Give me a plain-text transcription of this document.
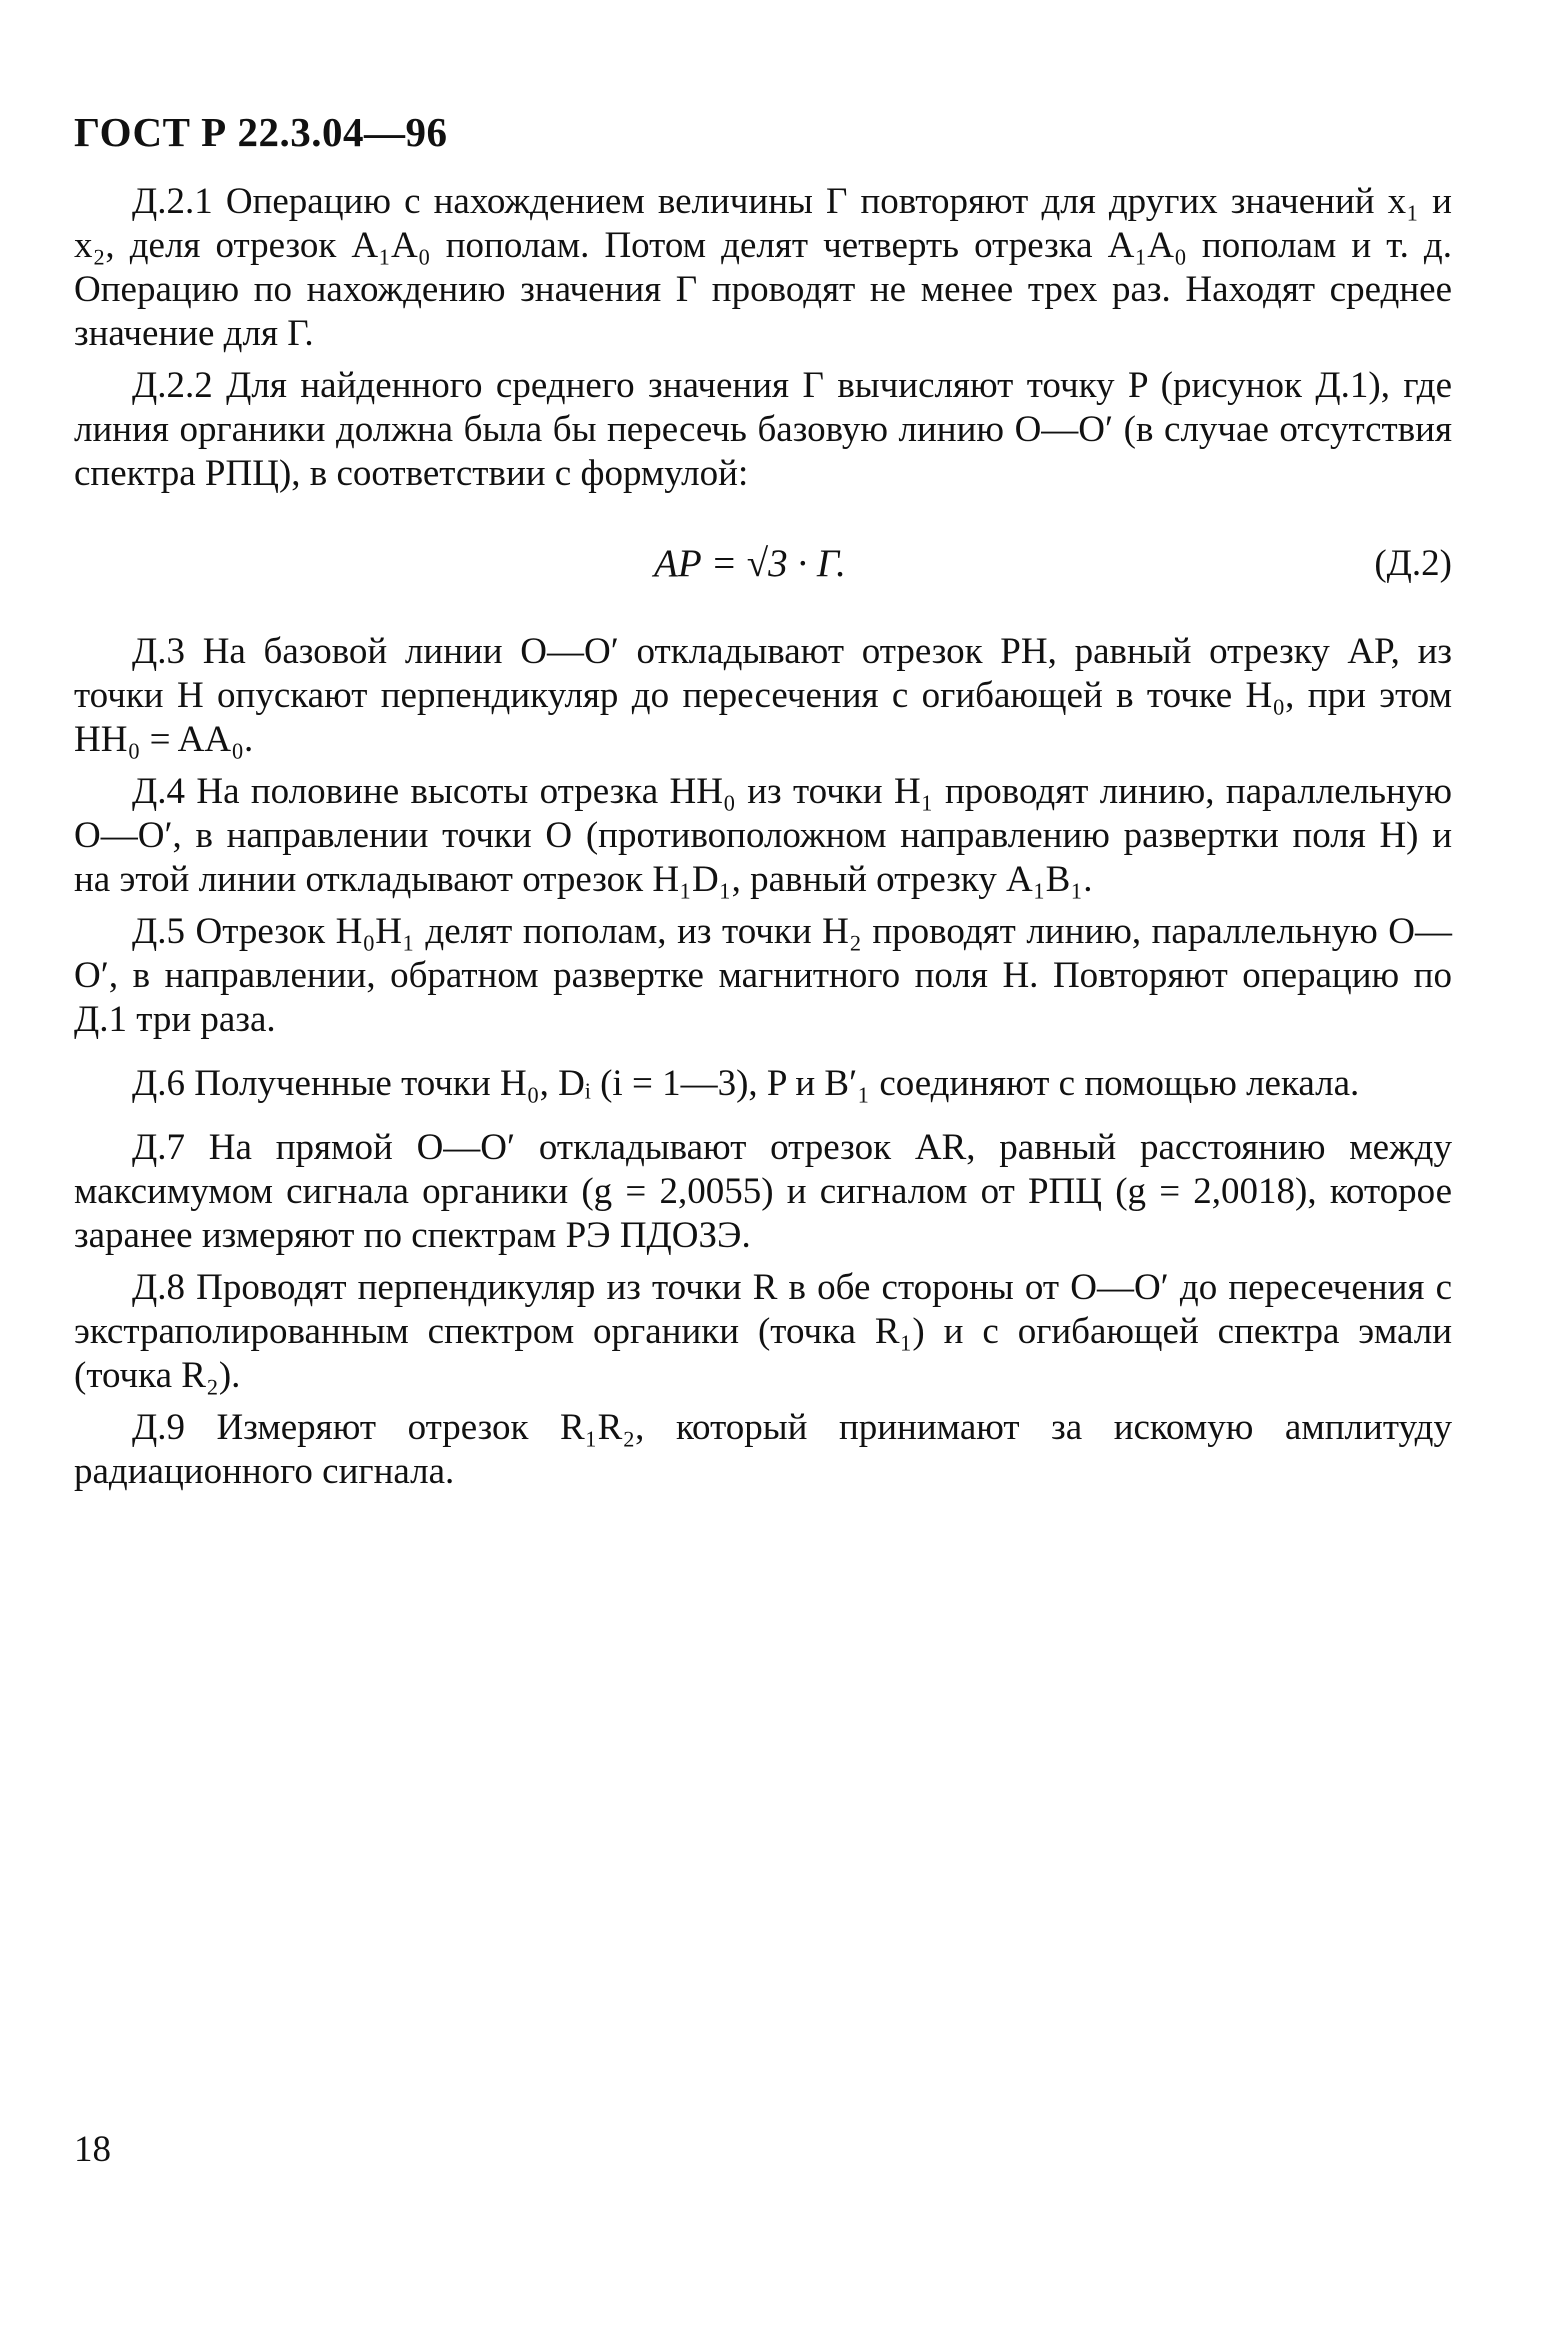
ГОСТ Р 22.3.04—96

Д.2.1 Операцию с нахождением величины Г повторяют для других значений x₁ и x₂, деля отрезок A₁A₀ пополам. Потом делят четверть отрезка A₁A₀ пополам и т. д. Операцию по нахождению значения Г проводят не менее трех раз. Находят среднее значение для Г.

Д.2.2 Для найденного среднего значения Г вычисляют точку P (рисунок Д.1), где линия органики должна была бы пересечь базовую линию O—O′ (в случае отсутствия спектра РПЦ), в соответствии с формулой:

AP = √3 · Г.	(Д.2)

Д.3 На базовой линии O—O′ откладывают отрезок PH, равный отрезку AP, из точки H опускают перпендикуляр до пересечения с огибающей в точке H₀, при этом HH₀ = AA₀.

Д.4 На половине высоты отрезка HH₀ из точки H₁ проводят линию, параллельную O—O′, в направлении точки O (противоположном направлению развертки поля H) и на этой линии откладывают отрезок H₁D₁, равный отрезку A₁B₁.

Д.5 Отрезок H₀H₁ делят пополам, из точки H₂ проводят линию, параллельную O—O′, в направлении, обратном развертке магнитного поля H. Повторяют операцию по Д.1 три раза.

Д.6 Полученные точки H₀, Dᵢ (i = 1—3), P и B′₁ соединяют с помощью лекала.

Д.7 На прямой O—O′ откладывают отрезок AR, равный расстоянию между максимумом сигнала органики (g = 2,0055) и сигналом от РПЦ (g = 2,0018), которое заранее измеряют по спектрам РЭ ПДОЗЭ.

Д.8 Проводят перпендикуляр из точки R в обе стороны от O—O′ до пересечения с экстраполированным спектром органики (точка R₁) и с огибающей спектра эмали (точка R₂).

Д.9 Измеряют отрезок R₁R₂, который принимают за искомую амплитуду радиационного сигнала.

18
